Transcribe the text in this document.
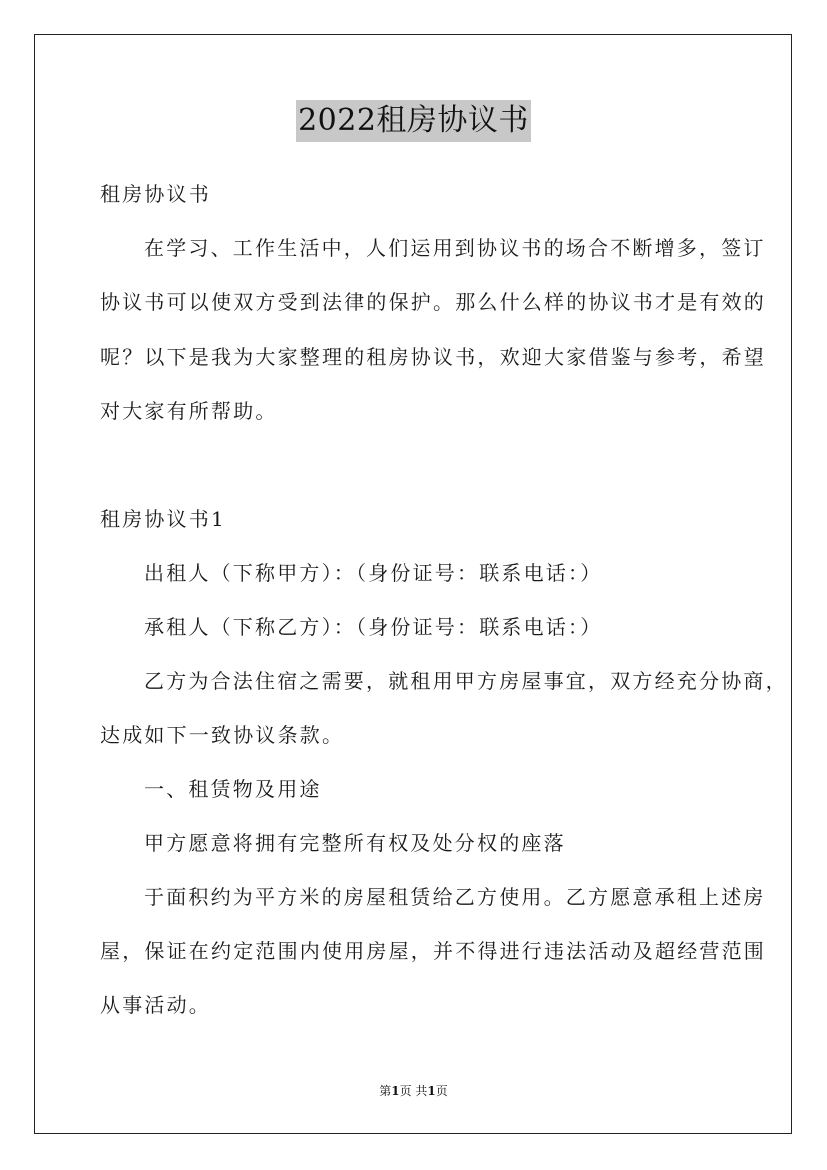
2022租房协议书
租房协议书
在学习、工作生活中，人们运用到协议书的场合不断增多，签订
协议书可以使双方受到法律的保护。那么什么样的协议书才是有效的
呢？以下是我为大家整理的租房协议书，欢迎大家借鉴与参考，希望
对大家有所帮助。
租房协议书1
出租人（下称甲方）：（身份证号：联系电话：）
承租人（下称乙方）：（身份证号：联系电话：）
乙方为合法住宿之需要，就租用甲方房屋事宜，双方经充分协商，
达成如下一致协议条款。
一、租赁物及用途
甲方愿意将拥有完整所有权及处分权的座落
于面积约为平方米的房屋租赁给乙方使用。乙方愿意承租上述房
屋，保证在约定范围内使用房屋，并不得进行违法活动及超经营范围
从事活动。
第1页 共1页
